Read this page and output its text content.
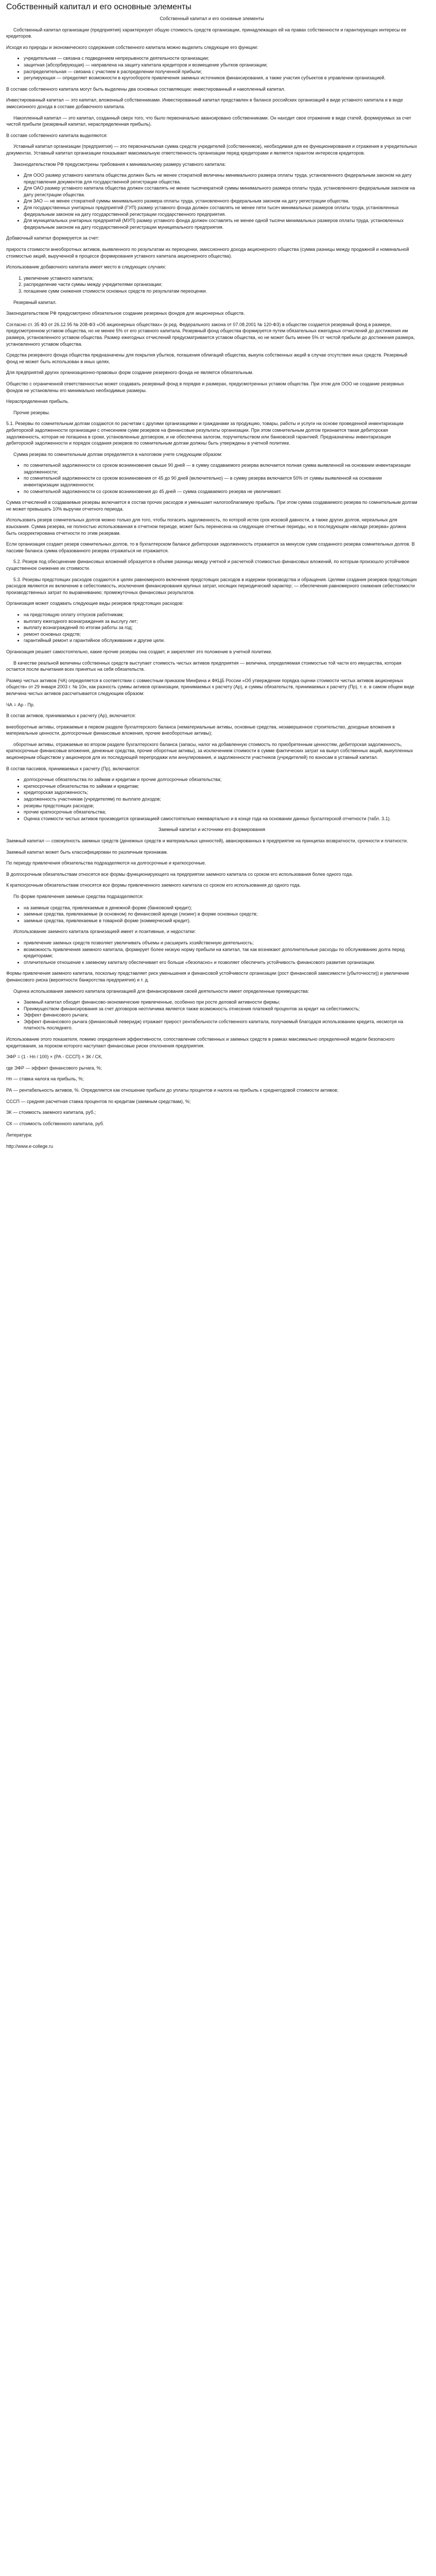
Собственный капитал и его основные элементы

Собственный капитал и его основные элементы

Собственный капитал организации (предприятия) характеризует общую стоимость средств организации, принадлежащих ей на правах собственности и гарантирующих интересы ее кредиторов.

Исходя из природы и экономического содержания собственного капитала можно выделить следующие его функции:

• учредительная — связана с подведением непрерывности деятельности организации;
• защитная (абсорбирующая) — направлена на защиту капитала кредиторов и возмещение убытков организации;
• распределительная — связана с участием в распределении полученной прибыли;
• регулирующая — определяет возможности в кругообороте привлечения заемных источников финансирования, а также участия субъектов в управлении организацией.

В составе собственного капитала могут быть выделены два основных составляющих: инвестированный и накопленный капитал.

Инвестированный капитал — это капитал, вложенный собственниками. Инвестированный капитал представлен в балансе российских организаций в виде уставного капитала и в виде эмиссионного дохода в составе добавочного капитала.

Накопленный капитал — это капитал, созданный сверх того, что было первоначально авансировано собственниками. Он находит свое отражение в виде статей, формируемых за счет чистой прибыли (резервный капитал, нераспределенная прибыль).

В составе собственного капитала выделяются:

Уставный капитал организации (предприятия) — это первоначальная сумма средств учредителей (собственников), необходимая для ее функционирования и отражения в учредительных документах. Уставный капитал организации показывает максимальную ответственность организации перед кредиторами и является гарантом интересов кредиторов.

Законодательством РФ предусмотрены требования к минимальному размеру уставного капитала:

• Для ООО размер уставного капитала общества должен быть не менее стократной величины минимального размера оплаты труда, установленного федеральным законом на дату представления документов для государственной регистрации общества.
• Для ОАО размер уставного капитала общества должен составлять не менее тысячекратной суммы минимального размера оплаты труда, установленного федеральным законом на дату регистрации общества.
• Для ЗАО — не менее стократной суммы минимального размера оплаты труда, установленного федеральным законом на дату регистрации общества.
• Для государственных унитарных предприятий (ГУП) размер уставного фонда должен составлять не менее пяти тысяч минимальных размеров оплаты труда, установленных федеральным законом на дату государственной регистрации государственного предприятия.
• Для муниципальных унитарных предприятий (МУП) размер уставного фонда должен составлять не менее одной тысячи минимальных размеров оплаты труда, установленных федеральным законом на дату государственной регистрации муниципального предприятия.

Добавочный капитал формируется за счет:

прироста стоимости внеоборотных активов, выявленного по результатам их переоценки, эмиссионного дохода акционерного общества (сумма разницы между продажной и номинальной стоимостью акций, вырученной в процессе формирования уставного капитала акционерного общества).

Использование добавочного капитала имеет место в следующих случаях:

1. увеличение уставного капитала;
2. распределение части суммы между учредителями организации;
3. погашение сумм снижения стоимости основных средств по результатам переоценки.

Резервный капитал.

Законодательством РФ предусмотрено обязательное создание резервных фондов для акционерных обществ.

Согласно ст. 35 ФЗ от 26.12.95 № 208-ФЗ «Об акционерных обществах» (в ред. Федерального закона от 07.08.2001 № 120-ФЗ) в обществе создается резервный фонд в размере, предусмотренном уставом общества, но не менее 5% от его уставного капитала. Резервный фонд общества формируется путем обязательных ежегодных отчислений до достижения им размера, установленного уставом общества. Размер ежегодных отчислений предусматривается уставом общества, но не может быть менее 5% от чистой прибыли до достижения размера, установленного уставом общества.

Средства резервного фонда общества предназначены для покрытия убытков, погашения облигаций общества, выкупа собственных акций в случае отсутствия иных средств. Резервный фонд не может быть использован в иных целях.

Для предприятий других организационно-правовых форм создание резервного фонда не является обязательным.

Общество с ограниченной ответственностью может создавать резервный фонд в порядке и размерах, предусмотренных уставом общества. При этом для ООО не создание резервных фондов не установлены его минимально необходимые размеры.

Нераспределенная прибыль.

Прочие резервы.

5.1. Резервы по сомнительным долгам создаются по расчетам с другими организациями и гражданами за продукцию, товары, работы и услуги на основе проведенной инвентаризации дебиторской задолженности организации с отнесением сумм резервов на финансовые результаты организации. При этом сомнительным долгом признается такая дебиторская задолженность, которая не погашена в сроки, установленные договором, и не обеспечена залогом, поручительством или банковской гарантией. Предназначены инвентаризация дебиторской задолженности и порядок создания резервов по сомнительным долгам должны быть утверждены в учетной политике.

Сумма резерва по сомнительным долгам определяется в налоговом учете следующим образом:

• по сомнительной задолженности со сроком возникновения свыше 90 дней — в сумму создаваемого резерва включается полная сумма выявленной на основании инвентаризации задолженности;
• по сомнительной задолженности со сроком возникновения от 45 до 90 дней (включительно) — в сумму резерва включается 50% от суммы выявленной на основании инвентаризации задолженности;
• по сомнительной задолженности со сроком возникновения до 45 дней — сумма создаваемого резерва не увеличивает.

Сумма отчислений в создаваемые резервы включается в состав прочих расходов и уменьшает налогооблагаемую прибыль. При этом сумма создаваемого резерва по сомнительным долгам не может превышать 10% выручки отчетного периода.

Использовать резерв сомнительных долгов можно только для того, чтобы погасить задолженность, по которой истек срок исковой давности, а также других долгов, нереальных для взыскания. Сумма резерва, не полностью использованная в отчетном периоде, может быть перенесена на следующие отчетные периоды, но в последующем «вкладе резерва» должна быть скорректирована отчетности по этим резервам.

Если организация создает резерв сомнительных долгов, то в бухгалтерском балансе дебиторская задолженность отражается за минусом сумм созданного резерва сомнительных долгов. В пассиве баланса сумма образованного резерва отражаться не отражается.

5.2. Резерв под обесценение финансовых вложений образуется в объеме разницы между учетной и расчетной стоимостью финансовых вложений, по которым произошло устойчивое существенное снижение их стоимости.

5.3. Резервы предстоящих расходов создаются в целях равномерного включения предстоящих расходов в издержки производства и обращения. Целями создания резервов предстоящих расходов являются их включение в себестоимость, исключения финансирования крупных затрат, носящих периодический характер; — обеспечения равномерного снижения себестоимости производственных затрат по выравниванию; промежуточных финансовых результатов.

Организация может создавать следующие виды резервов предстоящих расходов:

• на предстоящую оплату отпусков работникам;
• выплату ежегодного вознаграждения за выслугу лет;
• выплату вознаграждений по итогам работы за год;
• ремонт основных средств;
• гарантийный ремонт и гарантийное обслуживание и другие цели.

Организация решает самостоятельно, какие прочие резервы она создает, и закрепляет это положение в учетной политике.

В качестве реальной величины собственных средств выступает стоимость чистых активов предприятия — величина, определяемая стоимостью той части его имущества, которая остается после вычитания всех принятых на себя обязательств.

Размер чистых активов (ЧА) определяется в соответствии с совместным приказом Минфина и ФКЦБ России «Об утверждении порядка оценки стоимости чистых активов акционерных обществ» от 29 января 2003 г. № 10н, как разность суммы активов организации, принимаемых к расчету (Ар), и суммы обязательств, принимаемых к расчету (Пр), т. е. в самом общем виде величина чистых активов рассчитывается следующим образом:

ЧА = Ар - Пр.

В состав активов, принимаемых к расчету (Ар), включается:

внеоборотные активы, отражаемые в первом разделе бухгалтерского баланса (нематериальные активы, основные средства, незавершенное строительство, доходные вложения в материальные ценности, долгосрочные финансовые вложения, прочие внеоборотные активы);

оборотные активы, отражаемые во втором разделе бухгалтерского баланса (запасы, налог на добавленную стоимость по приобретенным ценностям, дебиторская задолженность, краткосрочные финансовые вложения, денежные средства, прочие оборотные активы), за исключением стоимости в сумме фактических затрат на выкуп собственных акций, выкупленных акционерным обществом у акционеров для их последующей перепродажи или аннулирования, и задолженности участников (учредителей) по взносам в уставный капитал.

В состав пассивов, принимаемых к расчету (Пр), включаются:

• долгосрочные обязательства по займам и кредитам и прочие долгосрочные обязательства;
• краткосрочные обязательства по займам и кредитам;
• кредиторская задолженность;
• задолженность участникам (учредителям) по выплате доходов;
• резервы предстоящих расходов;
• прочие краткосрочные обязательства;
• Оценка стоимости чистых активов производится организацией самостоятельно ежеквартально и в конце года на основании данных бухгалтерской отчетности (табл. 3.1).

Заемный капитал и источники его формирования

Заемный капитал — совокупность заемных средств (денежных средств и материальных ценностей), авансированных в предприятие на принципах возвратности, срочности и платности.

Заемный капитал может быть классифицирован по различным признакам.

По периоду привлечения обязательства подразделяются на долгосрочные и краткосрочные.

В долгосрочным обязательствам относятся все формы функционирующего на предприятии заемного капитала со сроком его использования более одного года.

К краткосрочным обязательствам относятся все формы привлеченного заемного капитала со сроком его использования до одного года.

По форме привлечения заемные средства подразделяются:

• на заемные средства, привлекаемые в денежной форме (банковский кредит);
• заемные средства, привлекаемые (в основном) по финансовой аренде (лизинг) в форме основных средств;
• заемные средства, привлекаемые в товарной форме (коммерческий кредит).

Использование заемного капитала организацией имеет и позитивные, и недостатки:

• привлечение заемных средств позволяет увеличивать объемы и расширить хозяйственную деятельность;
• возможность привлечения заемного капитала, формирует более низкую норму прибыли на капитал, так как возникают дополнительные расходы по обслуживанию долга перед кредиторами;
• отличительное отношение к заемному капиталу обеспечивает его больше «безопасно» и позволяет обеспечить устойчивость финансового развития организации.

Формы привлечения заемного капитала, поскольку представляет риск уменьшения и финансовой устойчивости организации (рост финансовой зависимости (убыточности)) и увеличение финансового риска (вероятности банкротства предприятия) и т. д.

Оценка использования заемного капитала организацией для финансирования своей деятельности имеет определенные преимущества:

• Заемный капитал обходит финансово-экономические привлеченные, особенно при росте деловой активности фирмы;
• Преимуществом финансирования за счет договоров неотличима является также возможность отнесения платежей процентов за кредит на себестоимость;
• Эффект финансового рычага;
• Эффект финансового рычага (финансовый леверидж) отражает прирост рентабельности собственного капитала, получаемый благодаря использованию кредита, несмотря на платность последнего.

Использование этого показателя, помимо определения эффективности, сопоставление собственных и заемных средств в рамках максимально определенной модели безопасного кредитования, за пороком которого наступают финансовые риски отклонения предприятия.

ЭФР = (1 - Нп / 100) × (РА - СССП) × ЗК / СК,

где ЭФР — эффект финансового рычага, %;

Нп — ставка налога на прибыль, %;

РА — рентабельность активов, %. Определяется как отношение прибыли до уплаты процентов и налога на прибыль к среднегодовой стоимости активов;

СССП — средняя расчетная ставка процентов по кредитам (заемным средствам), %;

ЗК — стоимость заемного капитала, руб.;

СК — стоимость собственного капитала, руб.

Литература:

http://www.e-college.ru
